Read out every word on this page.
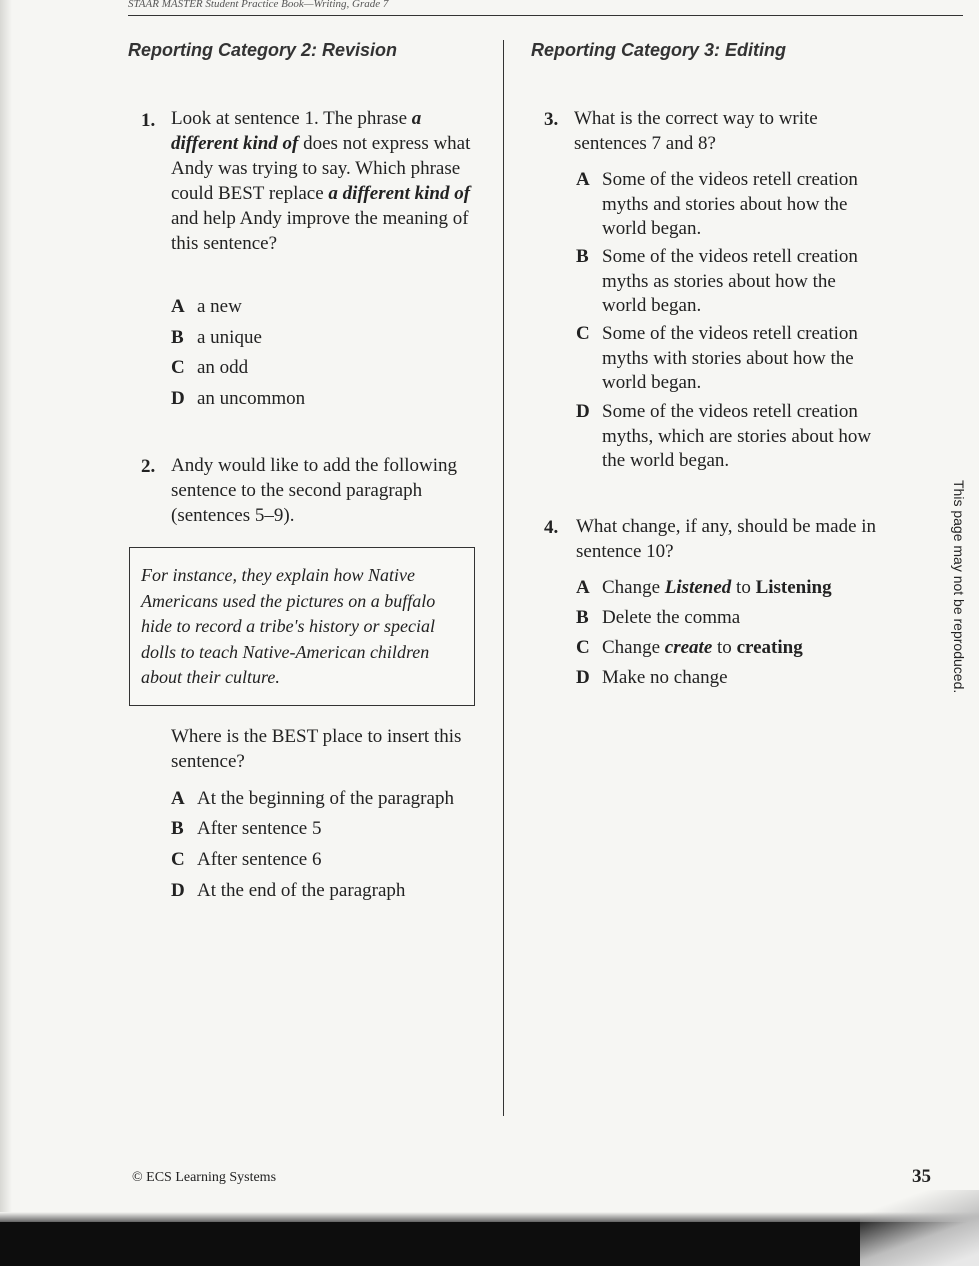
STAAR MASTER Student Practice Book—Writing, Grade 7
Reporting Category 2: Revision	Reporting Category 3: Editing
1. Look at sentence 1. The phrase a different kind of does not express what Andy was trying to say. Which phrase could BEST replace a different kind of and help Andy improve the meaning of this sentence?
A a new
B a unique
C an odd
D an uncommon
2. Andy would like to add the following sentence to the second paragraph (sentences 5–9).
For instance, they explain how Native Americans used the pictures on a buffalo hide to record a tribe's history or special dolls to teach Native-American children about their culture.
Where is the BEST place to insert this sentence?
A At the beginning of the paragraph
B After sentence 5
C After sentence 6
D At the end of the paragraph
3. What is the correct way to write sentences 7 and 8?
A Some of the videos retell creation myths and stories about how the world began.
B Some of the videos retell creation myths as stories about how the world began.
C Some of the videos retell creation myths with stories about how the world began.
D Some of the videos retell creation myths, which are stories about how the world began.
4. What change, if any, should be made in sentence 10?
A Change Listened to Listening
B Delete the comma
C Change create to creating
D Make no change	This page may not be reproduced.
© ECS Learning Systems	35
